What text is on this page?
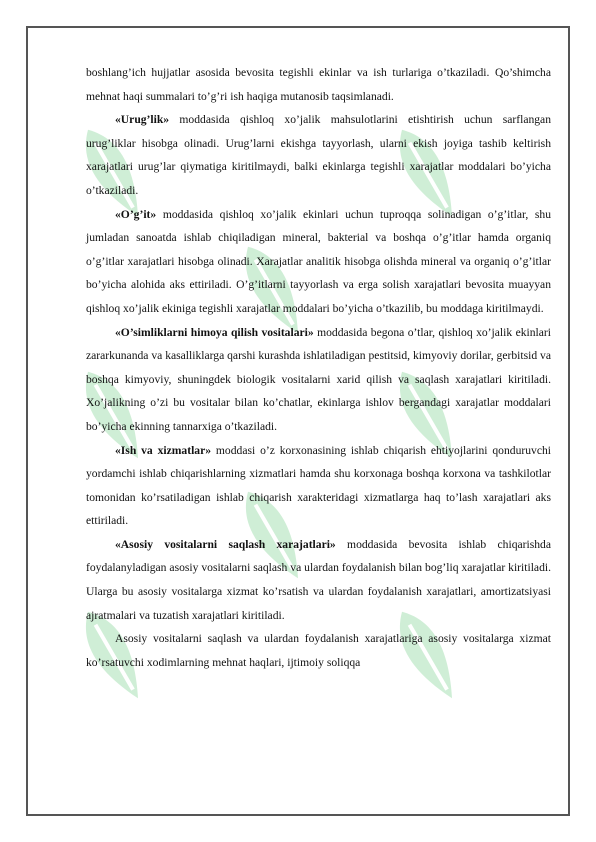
boshlang’ich hujjatlar asosida bevosita tegishli ekinlar va ish turlariga o’tkaziladi. Qo’shimcha mehnat haqi summalari to’g’ri ish haqiga mutanosib taqsimlanadi.

«Urug’lik» moddasida qishloq xo’jalik mahsulotlarini etishtirish uchun sarflangan urug’liklar hisobga olinadi. Urug’larni ekishga tayyorlash, ularni ekish joyiga tashib keltirish xarajatlari urug’lar qiymatiga kiritilmaydi, balki ekinlarga tegishli xarajatlar moddalari bo’yicha o’tkaziladi.

«O’g’it» moddasida qishloq xo’jalik ekinlari uchun tuproqqa solinadigan o’g’itlar, shu jumladan sanoatda ishlab chiqiladigan mineral, bakterial va boshqa o’g’itlar hamda organiq o’g’itlar xarajatlari hisobga olinadi. Xarajatlar analitik hisobga olishda mineral va organiq o’g’itlar bo’yicha alohida aks ettiriladi. O’g’itlarni tayyorlash va erga solish xarajatlari bevosita muayyan qishloq xo’jalik ekiniga tegishli xarajatlar moddalari bo’yicha o’tkazilib, bu moddaga kiritilmaydi.

«O’simliklarni himoya qilish vositalari» moddasida begona o’tlar, qishloq xo’jalik ekinlari zararkunanda va kasalliklarga qarshi kurashda ishlatiladigan pestitsid, kimyoviy dorilar, gerbitsid va boshqa kimyoviy, shuningdek biologik vositalarni xarid qilish va saqlash xarajatlari kiritiladi. Xo’jalikning o’zi bu vositalar bilan ko’chatlar, ekinlarga ishlov bergandagi xarajatlar moddalari bo’yicha ekinning tannarxiga o’tkaziladi.

«Ish va xizmatlar» moddasi o’z korxonasining ishlab chiqarish ehtiyojlarini qonduruvchi yordamchi ishlab chiqarishlarning xizmatlari hamda shu korxonaga boshqa korxona va tashkilotlar tomonidan ko’rsatiladigan ishlab chiqarish xarakteridagi xizmatlarga haq to’lash xarajatlari aks ettiriladi.

«Asosiy vositalarni saqlash xarajatlari» moddasida bevosita ishlab chiqarishda foydalanyladigan asosiy vositalarni saqlash va ulardan foydalanish bilan bog’liq xarajatlar kiritiladi. Ularga bu asosiy vositalarga xizmat ko’rsatish va ulardan foydalanish xarajatlari, amortizatsiyasi ajratmalari va tuzatish xarajatlari kiritiladi.

Asosiy vositalarni saqlash va ulardan foydalanish xarajatlariga asosiy vositalarga xizmat ko’rsatuvchi xodimlarning mehnat haqlari, ijtimoiy soliqqa
